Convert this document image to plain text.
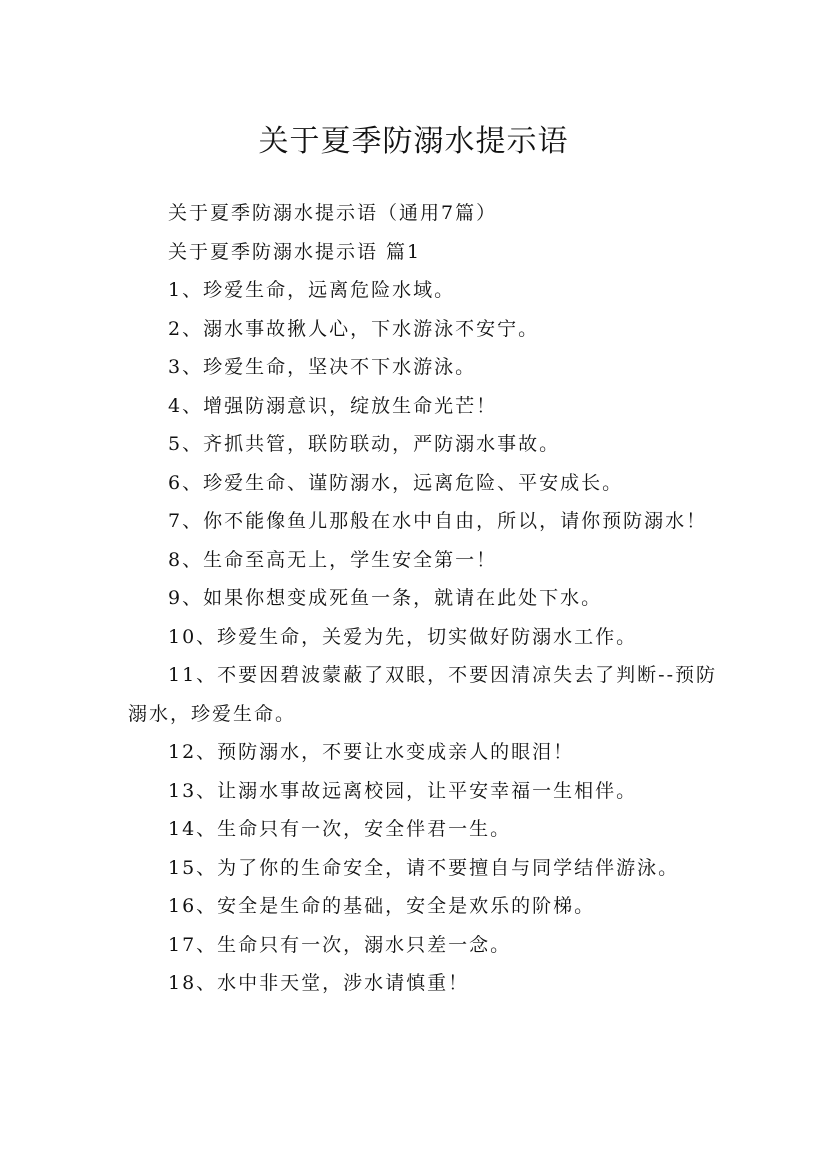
关于夏季防溺水提示语

关于夏季防溺水提示语（通用7篇）

关于夏季防溺水提示语 篇1

1、珍爱生命，远离危险水域。

2、溺水事故揪人心，下水游泳不安宁。

3、珍爱生命，坚决不下水游泳。

4、增强防溺意识，绽放生命光芒！

5、齐抓共管，联防联动，严防溺水事故。

6、珍爱生命、谨防溺水，远离危险、平安成长。

7、你不能像鱼儿那般在水中自由，所以，请你预防溺水！

8、生命至高无上，学生安全第一！

9、如果你想变成死鱼一条，就请在此处下水。

10、珍爱生命，关爱为先，切实做好防溺水工作。

11、不要因碧波蒙蔽了双眼，不要因清凉失去了判断--预防溺水，珍爱生命。

12、预防溺水，不要让水变成亲人的眼泪！

13、让溺水事故远离校园，让平安幸福一生相伴。

14、生命只有一次，安全伴君一生。

15、为了你的生命安全，请不要擅自与同学结伴游泳。

16、安全是生命的基础，安全是欢乐的阶梯。

17、生命只有一次，溺水只差一念。

18、水中非天堂，涉水请慎重！
